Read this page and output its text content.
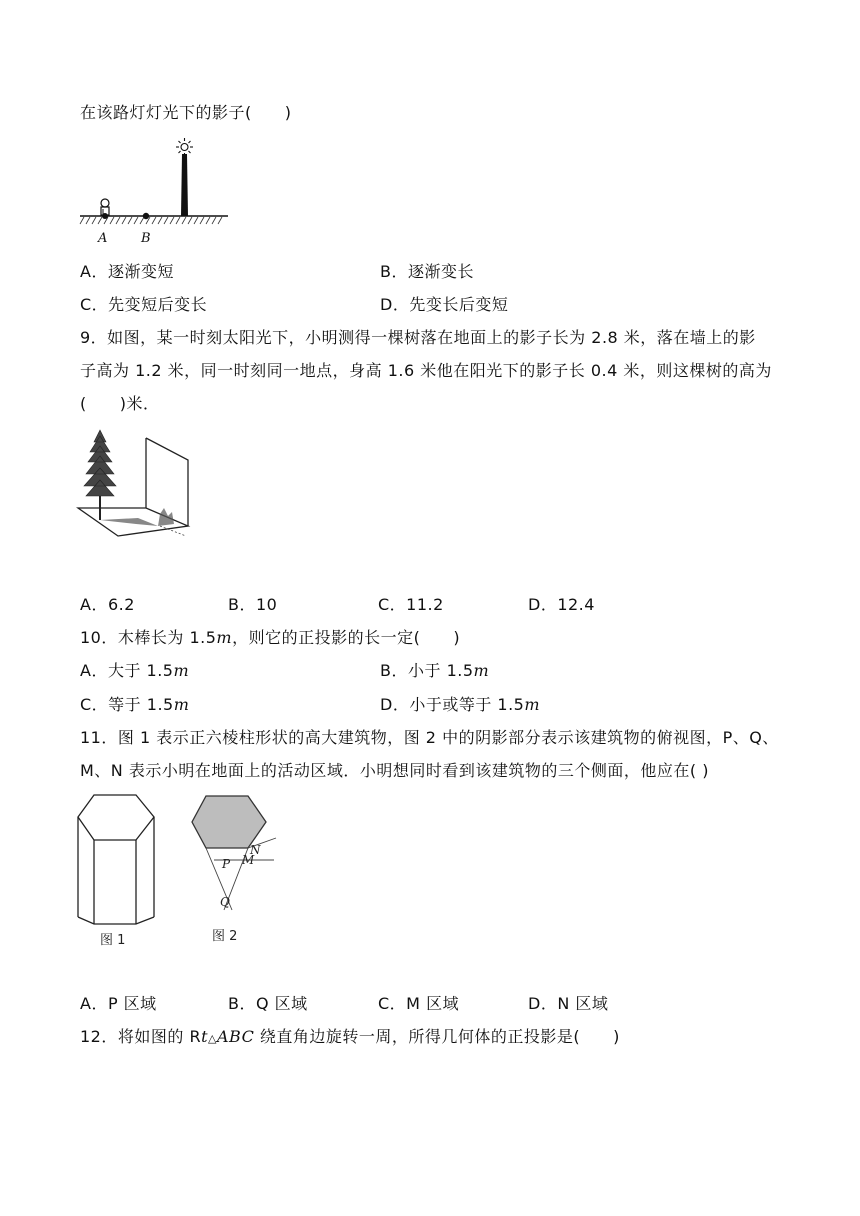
在该路灯灯光下的影子(　　)
A	B
A．逐渐变短	B．逐渐变长
C．先变短后变长	D．先变长后变短
9．如图，某一时刻太阳光下，小明测得一棵树落在地面上的影子长为 2.8 米，落在墙上的影
子高为 1.2 米，同一时刻同一地点，身高 1.6 米他在阳光下的影子长 0.4 米，则这棵树的高为
(　　)米．
A．6.2	B．10	C．11.2	D．12.4
10．木棒长为 1.5m，则它的正投影的长一定(　　)
A．大于 1.5m	B．小于 1.5m
C．等于 1.5m	D．小于或等于 1.5m
11．图 1 表示正六棱柱形状的高大建筑物，图 2 中的阴影部分表示该建筑物的俯视图，P、Q、
M、N 表示小明在地面上的活动区域．小明想同时看到该建筑物的三个侧面，他应在( )
图 1
P M
N
Q
图 2
A．P 区域	B．Q 区域	C．M 区域	D．N 区域
12．将如图的 Rt△ABC 绕直角边旋转一周，所得几何体的正投影是(　　)
